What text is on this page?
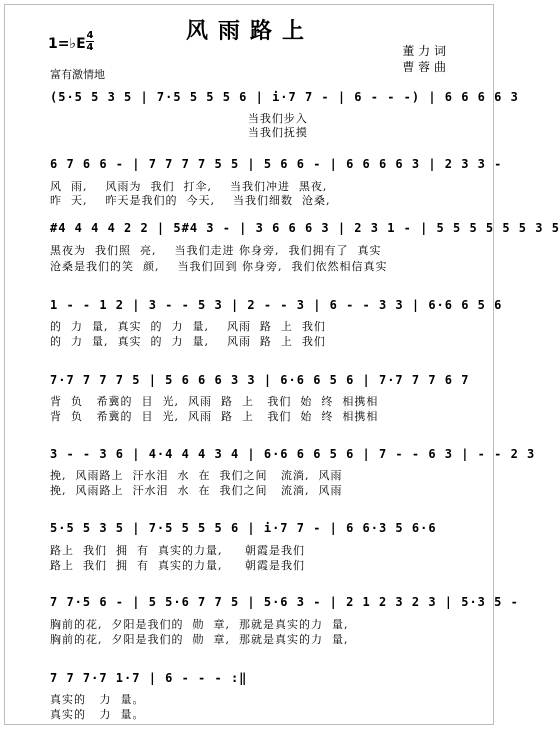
风雨路上
1=♭E
4
4	董 力 词
曹 蓉 曲
富有激情地
(5·5 5 3 5 | 7·5 5 5 5 6 | i·7 7 - | 6 - - -) | 6 6 6 6 3
当我们步入
当我们抚摸
6 7 6 6 - | 7 7 7 7 5 5 | 5 6 6 - | 6 6 6 6 3 | 2 3 3 -
风  雨,    风雨为  我们  打伞,    当我们冲进  黑夜,
昨  天,    昨天是我们的  今天,    当我们细数  沧桑,
#4 4 4 4 2 2 | 5#4 3 - | 3 6 6 6 3 | 2 3 1 - | 5 5 5 5 5 5 3 5
黑夜为  我们照  亮,    当我们走进 你身旁,  我们拥有了  真实
沧桑是我们的笑  颜,    当我们回到 你身旁,  我们依然相信真实
1 - - 1 2 | 3 - - 5 3 | 2 - - 3 | 6 - - 3 3 | 6·6 6 5 6
的  力  量,  真实  的  力  量,    风雨  路  上  我们
的  力  量,  真实  的  力  量,    风雨  路  上  我们
7·7 7 7 7 5 | 5 6 6 6 3 3 | 6·6 6 5 6 | 7·7 7 7 6 7
背  负   希冀的  目  光,  风雨  路  上   我们  始  终  相携相
背  负   希冀的  目  光,  风雨  路  上   我们  始  终  相携相
3 - - 3 6 | 4·4 4 4 3 4 | 6·6 6 6 5 6 | 7 - - 6 3 | - - 2 3
挽,  风雨路上  汗水泪  水  在  我们之间   流淌,  风雨
挽,  风雨路上  汗水泪  水  在  我们之间   流淌,  风雨
5·5 5 3 5 | 7·5 5 5 5 6 | i·7 7 - | 6 6·3 5 6·6
路上  我们  拥  有  真实的力量,     朝霞是我们
路上  我们  拥  有  真实的力量,     朝霞是我们
7 7·5 6 - | 5 5·6 7 7 5 | 5·6 3 - | 2 1 2 3 2 3 | 5·3 5 -
胸前的花,  夕阳是我们的  勋  章,  那就是真实的力  量,
胸前的花,  夕阳是我们的  勋  章,  那就是真实的力  量,
7 7 7·7 1·7 | 6 - - - :‖
真实的   力  量。
真实的   力  量。
